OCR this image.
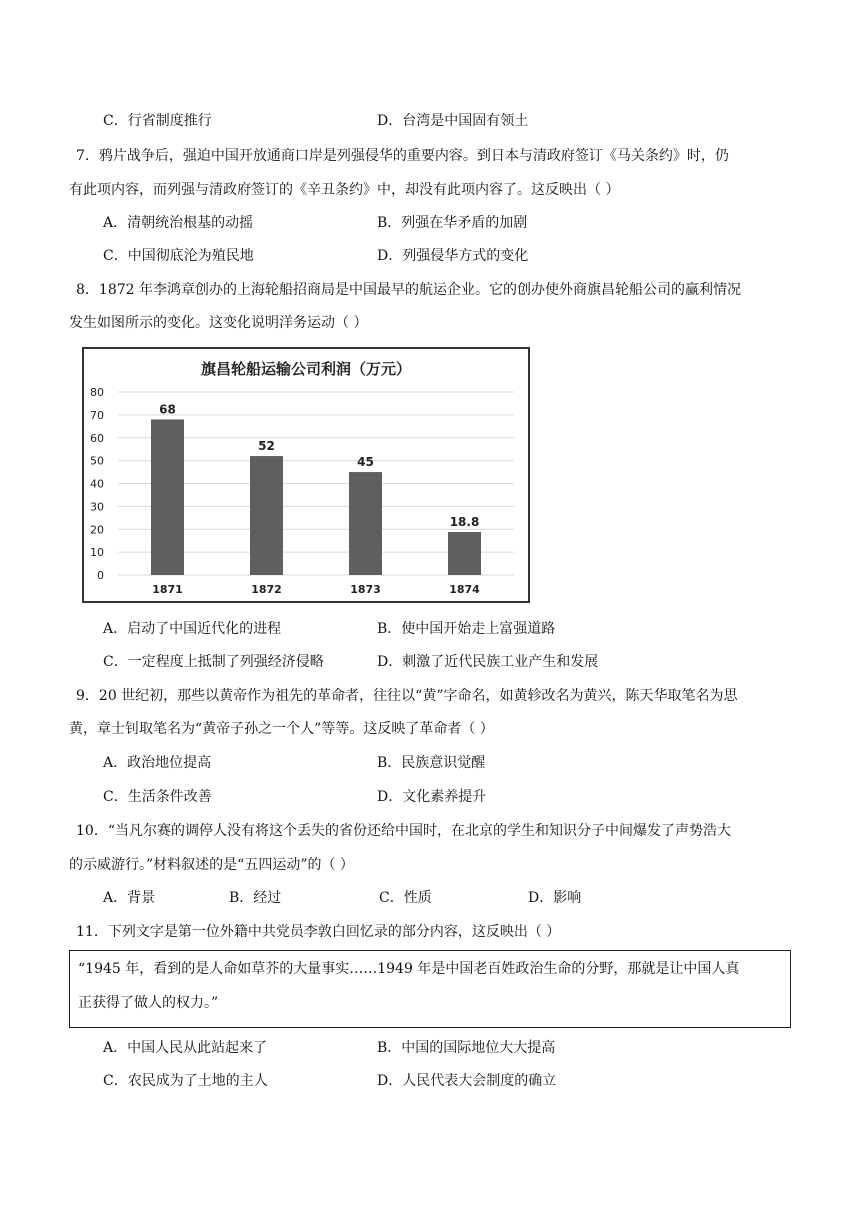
C．行省制度推行	D．台湾是中国固有领土
7．鸦片战争后，强迫中国开放通商口岸是列强侵华的重要内容。到日本与清政府签订《马关条约》时，仍
有此项内容，而列强与清政府签订的《辛丑条约》中，却没有此项内容了。这反映出（ ）
A．清朝统治根基的动摇	B．列强在华矛盾的加剧
C．中国彻底沦为殖民地	D．列强侵华方式的变化
8．1872 年李鸿章创办的上海轮船招商局是中国最早的航运企业。它的创办使外商旗昌轮船公司的赢利情况
发生如图所示的变化。这变化说明洋务运动（ ）
旗昌轮船运输公司利润（万元）
0
10
20
30
40
50
60
70
80
68
1871
52
1872
45
1873
18.8
1874
A．启动了中国近代化的进程	B．使中国开始走上富强道路
C．一定程度上抵制了列强经济侵略	D．刺激了近代民族工业产生和发展
9．20 世纪初，那些以黄帝作为祖先的革命者，往往以“黄”字命名，如黄轸改名为黄兴，陈天华取笔名为思
黄，章士钊取笔名为“黄帝子孙之一个人”等等。这反映了革命者（ ）
A．政治地位提高	B．民族意识觉醒
C．生活条件改善	D．文化素养提升
10．“当凡尔赛的调停人没有将这个丢失的省份还给中国时，在北京的学生和知识分子中间爆发了声势浩大
的示威游行。”材料叙述的是“五四运动”的（ ）
A．背景	B．经过	C．性质	D．影响
11．下列文字是第一位外籍中共党员李敦白回忆录的部分内容，这反映出（ ）
“1945 年，看到的是人命如草芥的大量事实……1949 年是中国老百姓政治生命的分野，那就是让中国人真
正获得了做人的权力。”
A．中国人民从此站起来了	B．中国的国际地位大大提高
C．农民成为了土地的主人	D．人民代表大会制度的确立
